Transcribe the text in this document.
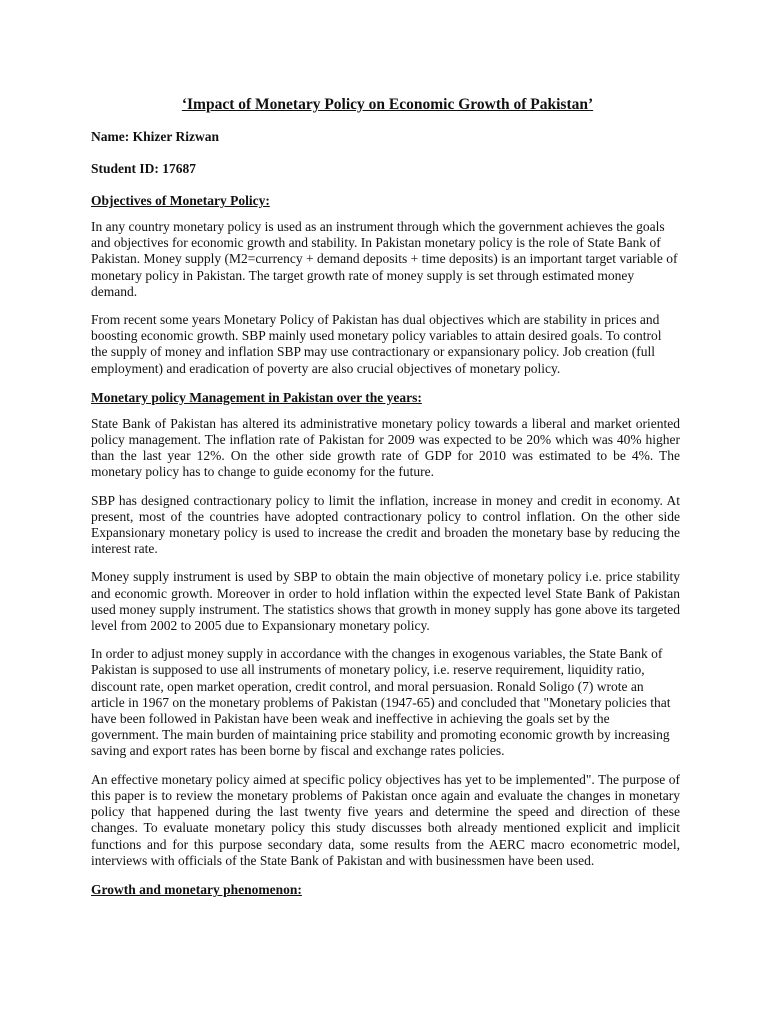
‘Impact of Monetary Policy on Economic Growth of Pakistan’
Name: Khizer Rizwan
Student ID: 17687
Objectives of Monetary Policy:

In any country monetary policy is used as an instrument through which the government achieves the goals and objectives for economic growth and stability. In Pakistan monetary policy is the role of State Bank of Pakistan. Money supply (M2=currency + demand deposits + time deposits) is an important target variable of monetary policy in Pakistan. The target growth rate of money supply is set through estimated money demand.

From recent some years Monetary Policy of Pakistan has dual objectives which are stability in prices and boosting economic growth. SBP mainly used monetary policy variables to attain desired goals. To control the supply of money and inflation SBP may use contractionary or expansionary policy. Job creation (full employment) and eradication of poverty are also crucial objectives of monetary policy.

Monetary policy Management in Pakistan over the years:

State Bank of Pakistan has altered its administrative monetary policy towards a liberal and market oriented policy management. The inflation rate of Pakistan for 2009 was expected to be 20% which was 40% higher than the last year 12%. On the other side growth rate of GDP for 2010 was estimated to be 4%. The monetary policy has to change to guide economy for the future.

SBP has designed contractionary policy to limit the inflation, increase in money and credit in economy. At present, most of the countries have adopted contractionary policy to control inflation. On the other side Expansionary monetary policy is used to increase the credit and broaden the monetary base by reducing the interest rate.

Money supply instrument is used by SBP to obtain the main objective of monetary policy i.e. price stability and economic growth. Moreover in order to hold inflation within the expected level State Bank of Pakistan used money supply instrument. The statistics shows that growth in money supply has gone above its targeted level from 2002 to 2005 due to Expansionary monetary policy.

In order to adjust money supply in accordance with the changes in exogenous variables, the State Bank of Pakistan is supposed to use all instruments of monetary policy, i.e. reserve requirement, liquidity ratio, discount rate, open market operation, credit control, and moral persuasion. Ronald Soligo (7) wrote an article in 1967 on the monetary problems of Pakistan (1947-65) and concluded that "Monetary policies that have been followed in Pakistan have been weak and ineffective in achieving the goals set by the government. The main burden of maintaining price stability and promoting economic growth by increasing saving and export rates has been borne by fiscal and exchange rates policies.

An effective monetary policy aimed at specific policy objectives has yet to be implemented". The purpose of this paper is to review the monetary problems of Pakistan once again and evaluate the changes in monetary policy that happened during the last twenty five years and determine the speed and direction of these changes. To evaluate monetary policy this study discusses both already mentioned explicit and implicit functions and for this purpose secondary data, some results from the AERC macro econometric model, interviews with officials of the State Bank of Pakistan and with businessmen have been used.

Growth and monetary phenomenon:
